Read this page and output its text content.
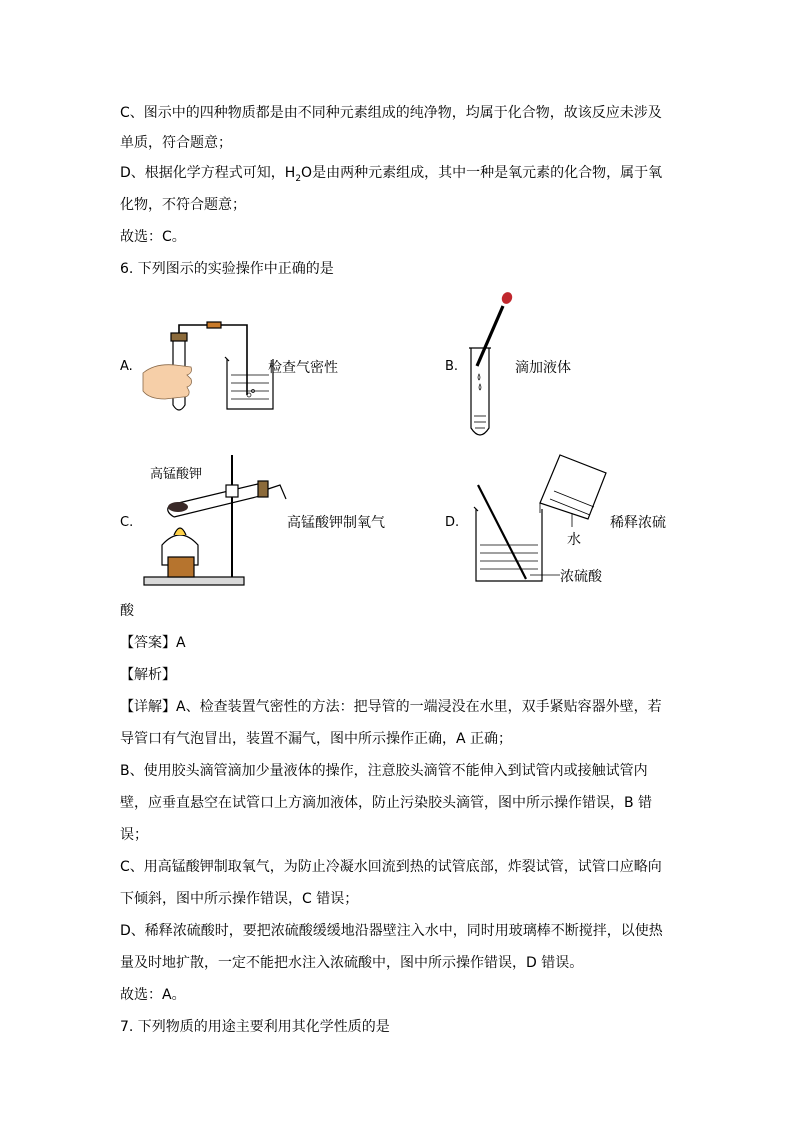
C、图示中的四种物质都是由不同种元素组成的纯净物，均属于化合物，故该反应未涉及
单质，符合题意；
D、根据化学方程式可知，$H_2O$是由两种元素组成，其中一种是氧元素的化合物，属于氧
化物，不符合题意；
故选：C。
6. 下列图示的实验操作中正确的是
A.	检查气密性	B.	滴加液体
C.	高锰酸钾制氧气
高锰酸钾
D.	稀释浓硫
水
浓硫酸
酸
【答案】A
【解析】
【详解】A、检查装置气密性的方法：把导管的一端浸没在水里，双手紧贴容器外壁，若
导管口有气泡冒出，装置不漏气，图中所示操作正确，A 正确；
B、使用胶头滴管滴加少量液体的操作，注意胶头滴管不能伸入到试管内或接触试管内
壁，应垂直悬空在试管口上方滴加液体，防止污染胶头滴管，图中所示操作错误，B 错
误；
C、用高锰酸钾制取氧气，为防止冷凝水回流到热的试管底部，炸裂试管，试管口应略向
下倾斜，图中所示操作错误，C 错误；
D、稀释浓硫酸时，要把浓硫酸缓缓地沿器壁注入水中，同时用玻璃棒不断搅拌，以使热
量及时地扩散，一定不能把水注入浓硫酸中，图中所示操作错误，D 错误。
故选：A。
7. 下列物质的用途主要利用其化学性质的是
